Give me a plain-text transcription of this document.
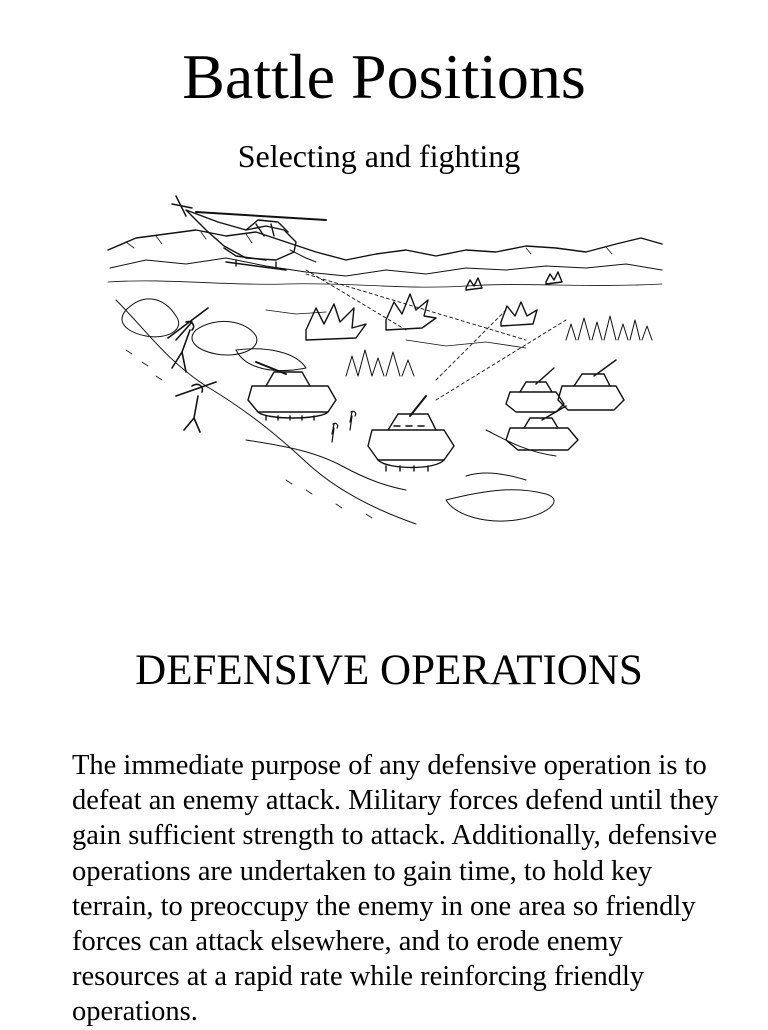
Battle Positions

Selecting and fighting

DEFENSIVE OPERATIONS

The immediate purpose of any defensive operation is to defeat an enemy attack. Military forces defend until they gain sufficient strength to attack. Additionally, defensive operations are undertaken to gain time, to hold key terrain, to preoccupy the enemy in one area so friendly forces can attack elsewhere, and to erode enemy resources at a rapid rate while reinforcing friendly operations.
